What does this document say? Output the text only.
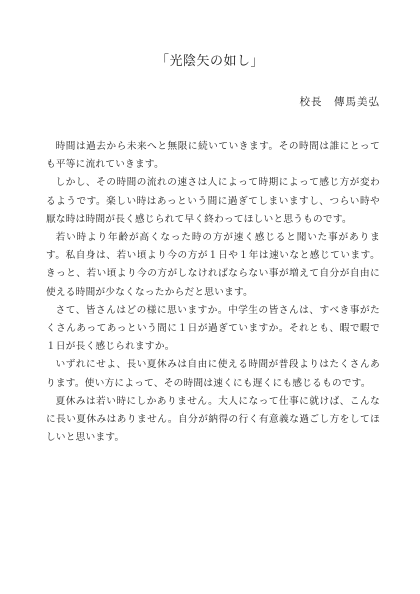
「光陰矢の如し」
校長　傳馬美弘

時間は過去から未来へと無限に続いていきます。その時間は誰にとっても平等に流れていきます。

しかし、その時間の流れの速さは人によって時期によって感じ方が変わるようです。楽しい時はあっという間に過ぎてしまいますし、つらい時や厭な時は時間が長く感じられて早く終わってほしいと思うものです。

若い時より年齢が高くなった時の方が速く感じると聞いた事があります。私自身は、若い頃より今の方が１日や１年は速いなと感じています。きっと、若い頃より今の方がしなければならない事が増えて自分が自由に使える時間が少なくなったからだと思います。

さて、皆さんはどの様に思いますか。中学生の皆さんは、すべき事がたくさんあってあっという間に１日が過ぎていますか。それとも、暇で暇で１日が長く感じられますか。

いずれにせよ、長い夏休みは自由に使える時間が普段よりはたくさんあります。使い方によって、その時間は速くにも遅くにも感じるものです。

夏休みは若い時にしかありません。大人になって仕事に就けば、こんなに長い夏休みはありません。自分が納得の行く有意義な過ごし方をしてほしいと思います。
